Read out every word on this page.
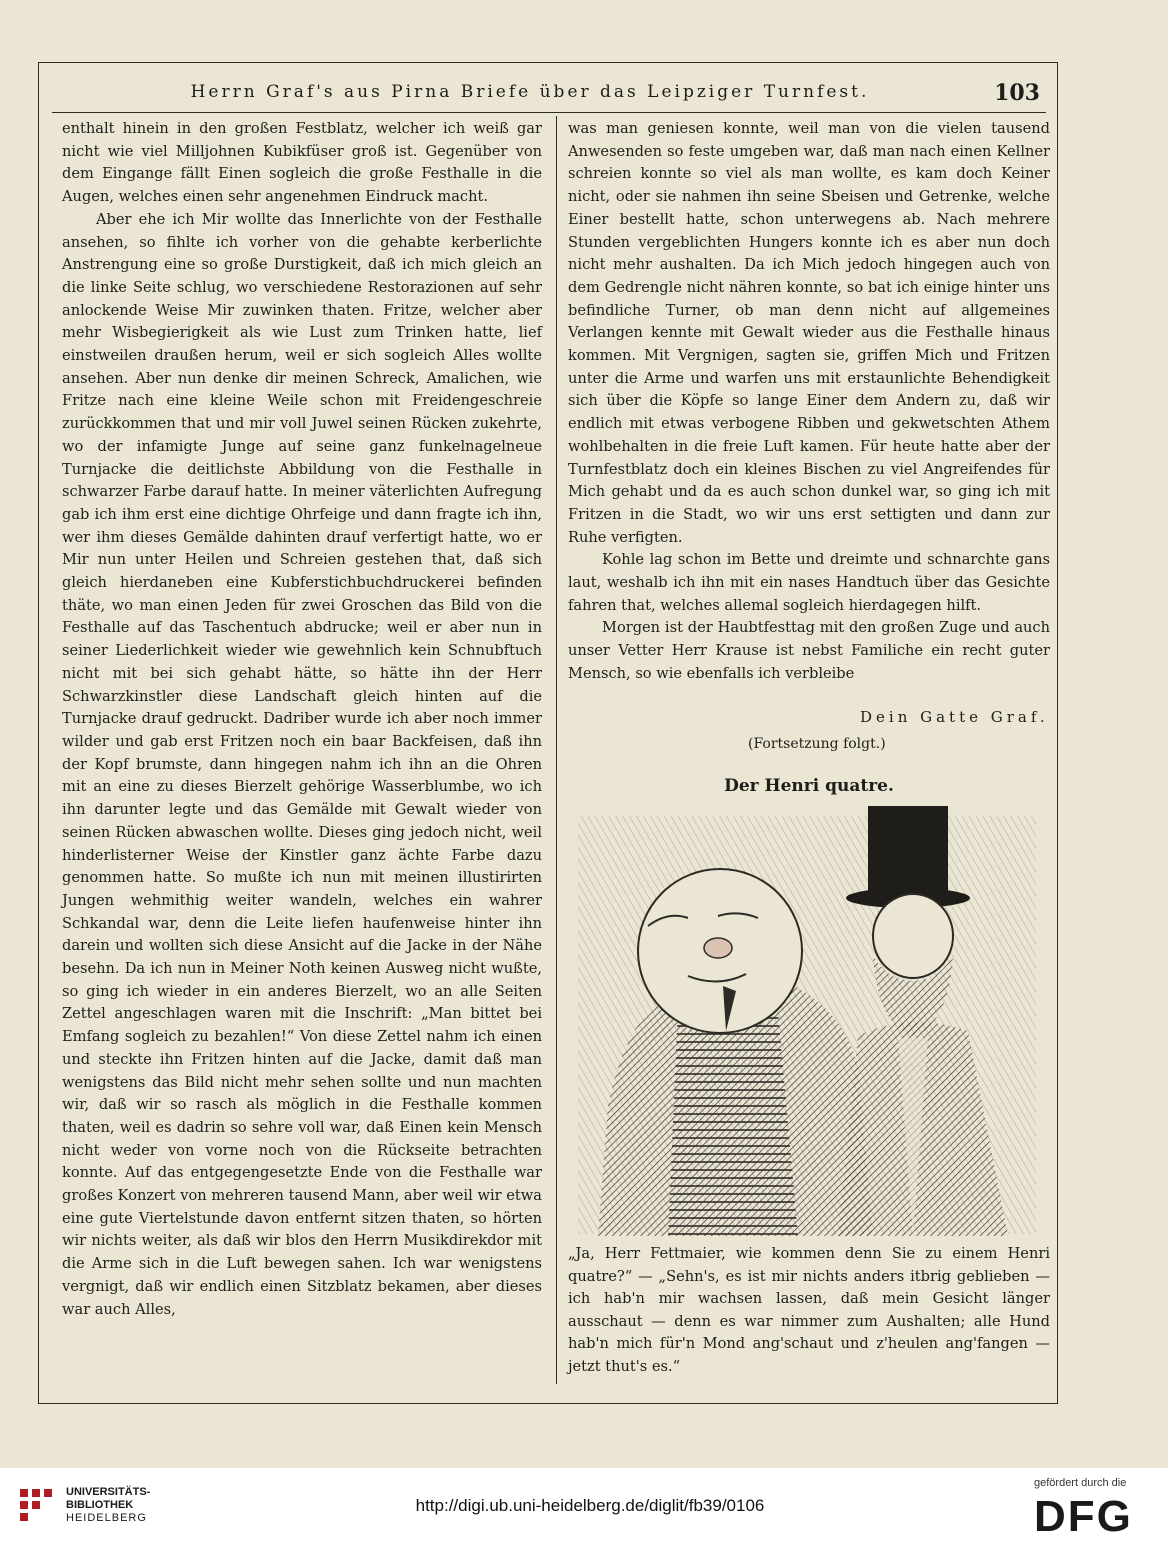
Herrn Graf's aus Pirna Briefe über das Leipziger Turnfest.	103

enthalt hinein in den großen Festblatz, welcher ich weiß gar nicht wie viel Milljohnen Kubikfüser groß ist. Gegenüber von dem Eingange fällt Einen sogleich die große Festhalle in die Augen, welches einen sehr angenehmen Eindruck macht.

Aber ehe ich Mir wollte das Innerlichte von der Festhalle ansehen, so fihlte ich vorher von die gehabte kerberlichte Anstrengung eine so große Durstigkeit, daß ich mich gleich an die linke Seite schlug, wo verschiedene Restorazionen auf sehr anlockende Weise Mir zuwinken thaten. Fritze, welcher aber mehr Wisbegierigkeit als wie Lust zum Trinken hatte, lief einstweilen draußen herum, weil er sich sogleich Alles wollte ansehen. Aber nun denke dir meinen Schreck, Amalichen, wie Fritze nach eine kleine Weile schon mit Freidengeschreie zurückkommen that und mir voll Juwel seinen Rücken zukehrte, wo der infamigte Junge auf seine ganz funkelnagelneue Turnjacke die deitlichste Abbildung von die Festhalle in schwarzer Farbe darauf hatte. In meiner väterlichten Aufregung gab ich ihm erst eine dichtige Ohrfeige und dann fragte ich ihn, wer ihm dieses Gemälde dahinten drauf verfertigt hatte, wo er Mir nun unter Heilen und Schreien gestehen that, daß sich gleich hierdaneben eine Kubferstichbuchdruckerei befinden thäte, wo man einen Jeden für zwei Groschen das Bild von die Festhalle auf das Taschentuch abdrucke; weil er aber nun in seiner Liederlichkeit wieder wie gewehnlich kein Schnubftuch nicht mit bei sich gehabt hätte, so hätte ihn der Herr Schwarzkinstler diese Landschaft gleich hinten auf die Turnjacke drauf gedruckt. Dadriber wurde ich aber noch immer wilder und gab erst Fritzen noch ein baar Backfeisen, daß ihn der Kopf brumste, dann hingegen nahm ich ihn an die Ohren mit an eine zu dieses Bierzelt gehörige Wasserblumbe, wo ich ihn darunter legte und das Gemälde mit Gewalt wieder von seinen Rücken abwaschen wollte. Dieses ging jedoch nicht, weil hinderlisterner Weise der Kinstler ganz ächte Farbe dazu genommen hatte. So mußte ich nun mit meinen illustirirten Jungen wehmithig weiter wandeln, welches ein wahrer Schkandal war, denn die Leite liefen haufenweise hinter ihn darein und wollten sich diese Ansicht auf die Jacke in der Nähe besehn. Da ich nun in Meiner Noth keinen Ausweg nicht wußte, so ging ich wieder in ein anderes Bierzelt, wo an alle Seiten Zettel angeschlagen waren mit die Inschrift: „Man bittet bei Emfang sogleich zu bezahlen!“ Von diese Zettel nahm ich einen und steckte ihn Fritzen hinten auf die Jacke, damit daß man wenigstens das Bild nicht mehr sehen sollte und nun machten wir, daß wir so rasch als möglich in die Festhalle kommen thaten, weil es dadrin so sehre voll war, daß Einen kein Mensch nicht weder von vorne noch von die Rückseite betrachten konnte. Auf das entgegengesetzte Ende von die Festhalle war großes Konzert von mehreren tausend Mann, aber weil wir etwa eine gute Viertelstunde davon entfernt sitzen thaten, so hörten wir nichts weiter, als daß wir blos den Herrn Musikdirekdor mit die Arme sich in die Luft bewegen sahen. Ich war wenigstens vergnigt, daß wir endlich einen Sitzblatz bekamen, aber dieses war auch Alles,

was man geniesen konnte, weil man von die vielen tausend Anwesenden so feste umgeben war, daß man nach einen Kellner schreien konnte so viel als man wollte, es kam doch Keiner nicht, oder sie nahmen ihn seine Sbeisen und Getrenke, welche Einer bestellt hatte, schon unterwegens ab. Nach mehrere Stunden vergeblichten Hungers konnte ich es aber nun doch nicht mehr aushalten. Da ich Mich jedoch hingegen auch von dem Gedrengle nicht nähren konnte, so bat ich einige hinter uns befindliche Turner, ob man denn nicht auf allgemeines Verlangen kennte mit Gewalt wieder aus die Festhalle hinaus kommen. Mit Vergnigen, sagten sie, griffen Mich und Fritzen unter die Arme und warfen uns mit erstaunlichte Behendigkeit sich über die Köpfe so lange Einer dem Andern zu, daß wir endlich mit etwas verbogene Ribben und gekwetschten Athem wohlbehalten in die freie Luft kamen. Für heute hatte aber der Turnfestblatz doch ein kleines Bischen zu viel Angreifendes für Mich gehabt und da es auch schon dunkel war, so ging ich mit Fritzen in die Stadt, wo wir uns erst settigten und dann zur Ruhe verfigten.

Kohle lag schon im Bette und dreimte und schnarchte gans laut, weshalb ich ihn mit ein nases Handtuch über das Gesichte fahren that, welches allemal sogleich hierdagegen hilft.

Morgen ist der Haubtfesttag mit den großen Zuge und auch unser Vetter Herr Krause ist nebst Familiche ein recht guter Mensch, so wie ebenfalls ich verbleibe

Dein Gatte Graf.
(Fortsetzung folgt.)
Der Henri quatre.

„Ja, Herr Fettmaier, wie kommen denn Sie zu einem Henri quatre?“ — „Sehn's, es ist mir nichts anders itbrig geblieben — ich hab'n mir wachsen lassen, daß mein Gesicht länger ausschaut — denn es war nimmer zum Aushalten; alle Hund hab'n mich für'n Mond ang'schaut und z'heulen ang'fangen — jetzt thut's es.“

UNIVERSITÄTS-
BIBLIOTHEK
HEIDELBERG
http://digi.ub.uni-heidelberg.de/diglit/fb39/0106
gefördert durch die
DFG
